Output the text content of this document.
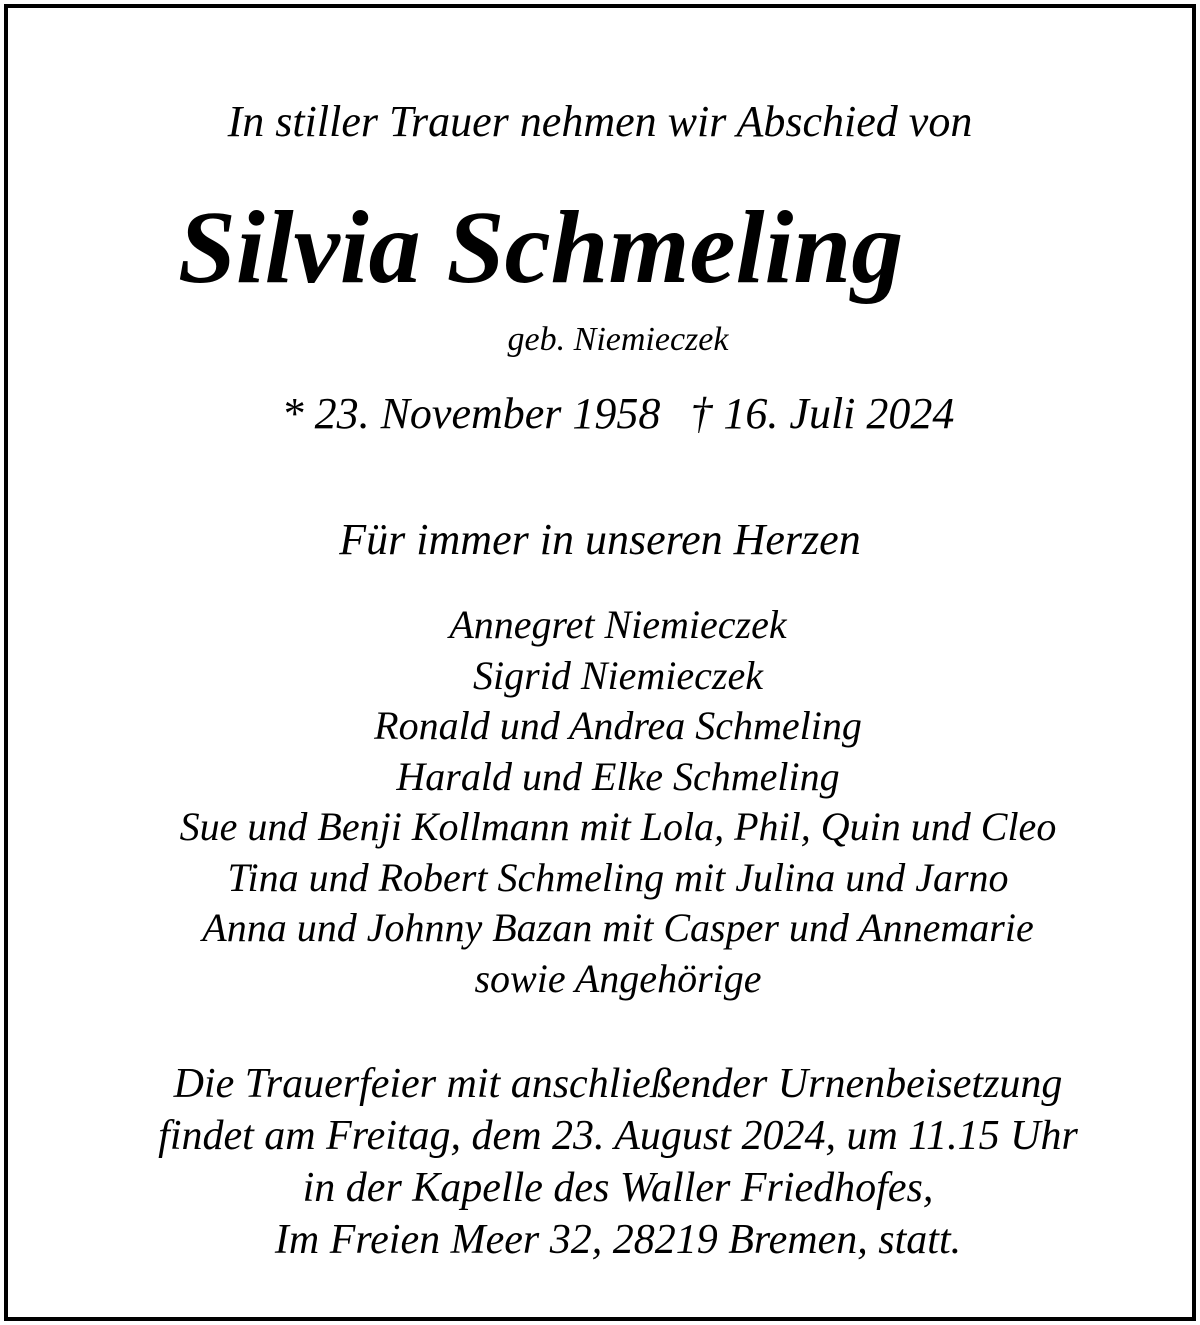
In stiller Trauer nehmen wir Abschied von

Silvia Schmeling

geb. Niemieczek

* 23. November 1958 † 16. Juli 2024

Für immer in unseren Herzen

Annegret Niemieczek
Sigrid Niemieczek
Ronald und Andrea Schmeling
Harald und Elke Schmeling
Sue und Benji Kollmann mit Lola, Phil, Quin und Cleo
Tina und Robert Schmeling mit Julina und Jarno
Anna und Johnny Bazan mit Casper und Annemarie
sowie Angehörige
Die Trauerfeier mit anschließender Urnenbeisetzung
findet am Freitag, dem 23. August 2024, um 11.15 Uhr
in der Kapelle des Waller Friedhofes,
Im Freien Meer 32, 28219 Bremen, statt.
